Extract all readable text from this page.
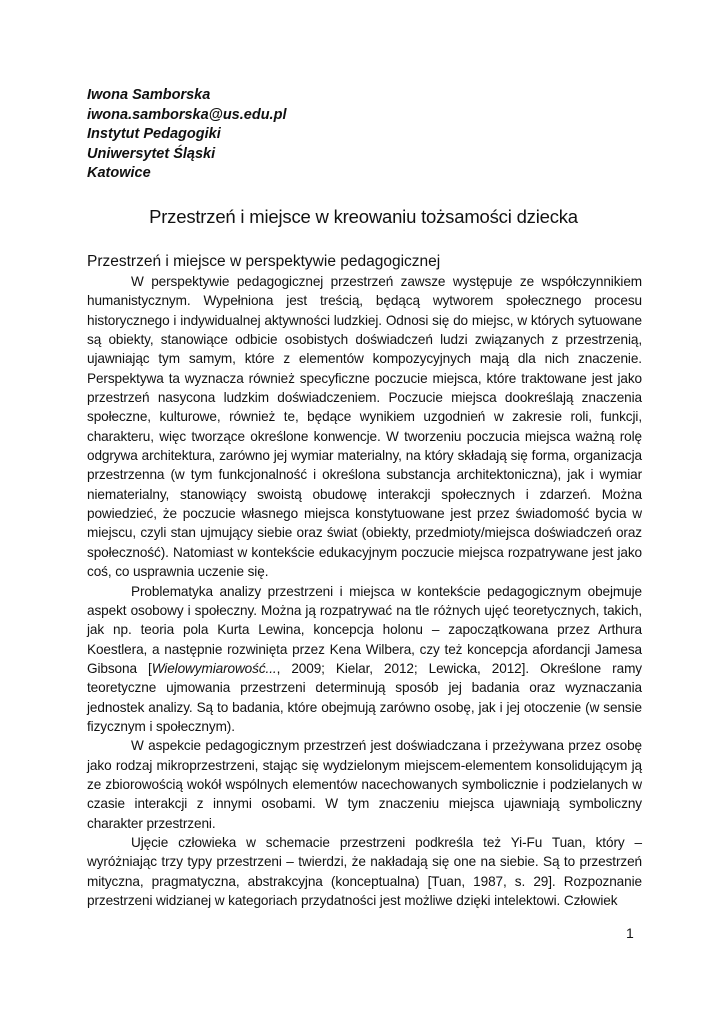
Iwona Samborska
iwona.samborska@us.edu.pl
Instytut Pedagogiki
Uniwersytet Śląski
Katowice
Przestrzeń i miejsce w kreowaniu tożsamości dziecka
Przestrzeń i miejsce w perspektywie pedagogicznej

W perspektywie pedagogicznej przestrzeń zawsze występuje ze współczynnikiem humanistycznym. Wypełniona jest treścią, będącą wytworem społecznego procesu historycznego i indywidualnej aktywności ludzkiej. Odnosi się do miejsc, w których sytuowane są obiekty, stanowiące odbicie osobistych doświadczeń ludzi związanych z przestrzenią, ujawniając tym samym, które z elementów kompozycyjnych mają dla nich znaczenie. Perspektywa ta wyznacza również specyficzne poczucie miejsca, które traktowane jest jako przestrzeń nasycona ludzkim doświadczeniem. Poczucie miejsca dookreślają znaczenia społeczne, kulturowe, również te, będące wynikiem uzgodnień w zakresie roli, funkcji, charakteru, więc tworzące określone konwencje. W tworzeniu poczucia miejsca ważną rolę odgrywa architektura, zarówno jej wymiar materialny, na który składają się forma, organizacja przestrzenna (w tym funkcjonalność i określona substancja architektoniczna), jak i wymiar niematerialny, stanowiący swoistą obudowę interakcji społecznych i zdarzeń. Można powiedzieć, że poczucie własnego miejsca konstytuowane jest przez świadomość bycia w miejscu, czyli stan ujmujący siebie oraz świat (obiekty, przedmioty/miejsca doświadczeń oraz społeczność). Natomiast w kontekście edukacyjnym poczucie miejsca rozpatrywane jest jako coś, co usprawnia uczenie się.

Problematyka analizy przestrzeni i miejsca w kontekście pedagogicznym obejmuje aspekt osobowy i społeczny. Można ją rozpatrywać na tle różnych ujęć teoretycznych, takich, jak np. teoria pola Kurta Lewina, koncepcja holonu – zapoczątkowana przez Arthura Koestlera, a następnie rozwinięta przez Kena Wilbera, czy też koncepcja afordancji Jamesa Gibsona [Wielowymiarowość..., 2009; Kielar, 2012; Lewicka, 2012]. Określone ramy teoretyczne ujmowania przestrzeni determinują sposób jej badania oraz wyznaczania jednostek analizy. Są to badania, które obejmują zarówno osobę, jak i jej otoczenie (w sensie fizycznym i społecznym).

W aspekcie pedagogicznym przestrzeń jest doświadczana i przeżywana przez osobę jako rodzaj mikroprzestrzeni, stając się wydzielonym miejscem-elementem konsolidującym ją ze zbiorowością wokół wspólnych elementów nacechowanych symbolicznie i podzielanych w czasie interakcji z innymi osobami. W tym znaczeniu miejsca ujawniają symboliczny charakter przestrzeni.

Ujęcie człowieka w schemacie przestrzeni podkreśla też Yi-Fu Tuan, który – wyróżniając trzy typy przestrzeni – twierdzi, że nakładają się one na siebie. Są to przestrzeń mityczna, pragmatyczna, abstrakcyjna (konceptualna) [Tuan, 1987, s. 29]. Rozpoznanie przestrzeni widzianej w kategoriach przydatności jest możliwe dzięki intelektowi. Człowiek

1
